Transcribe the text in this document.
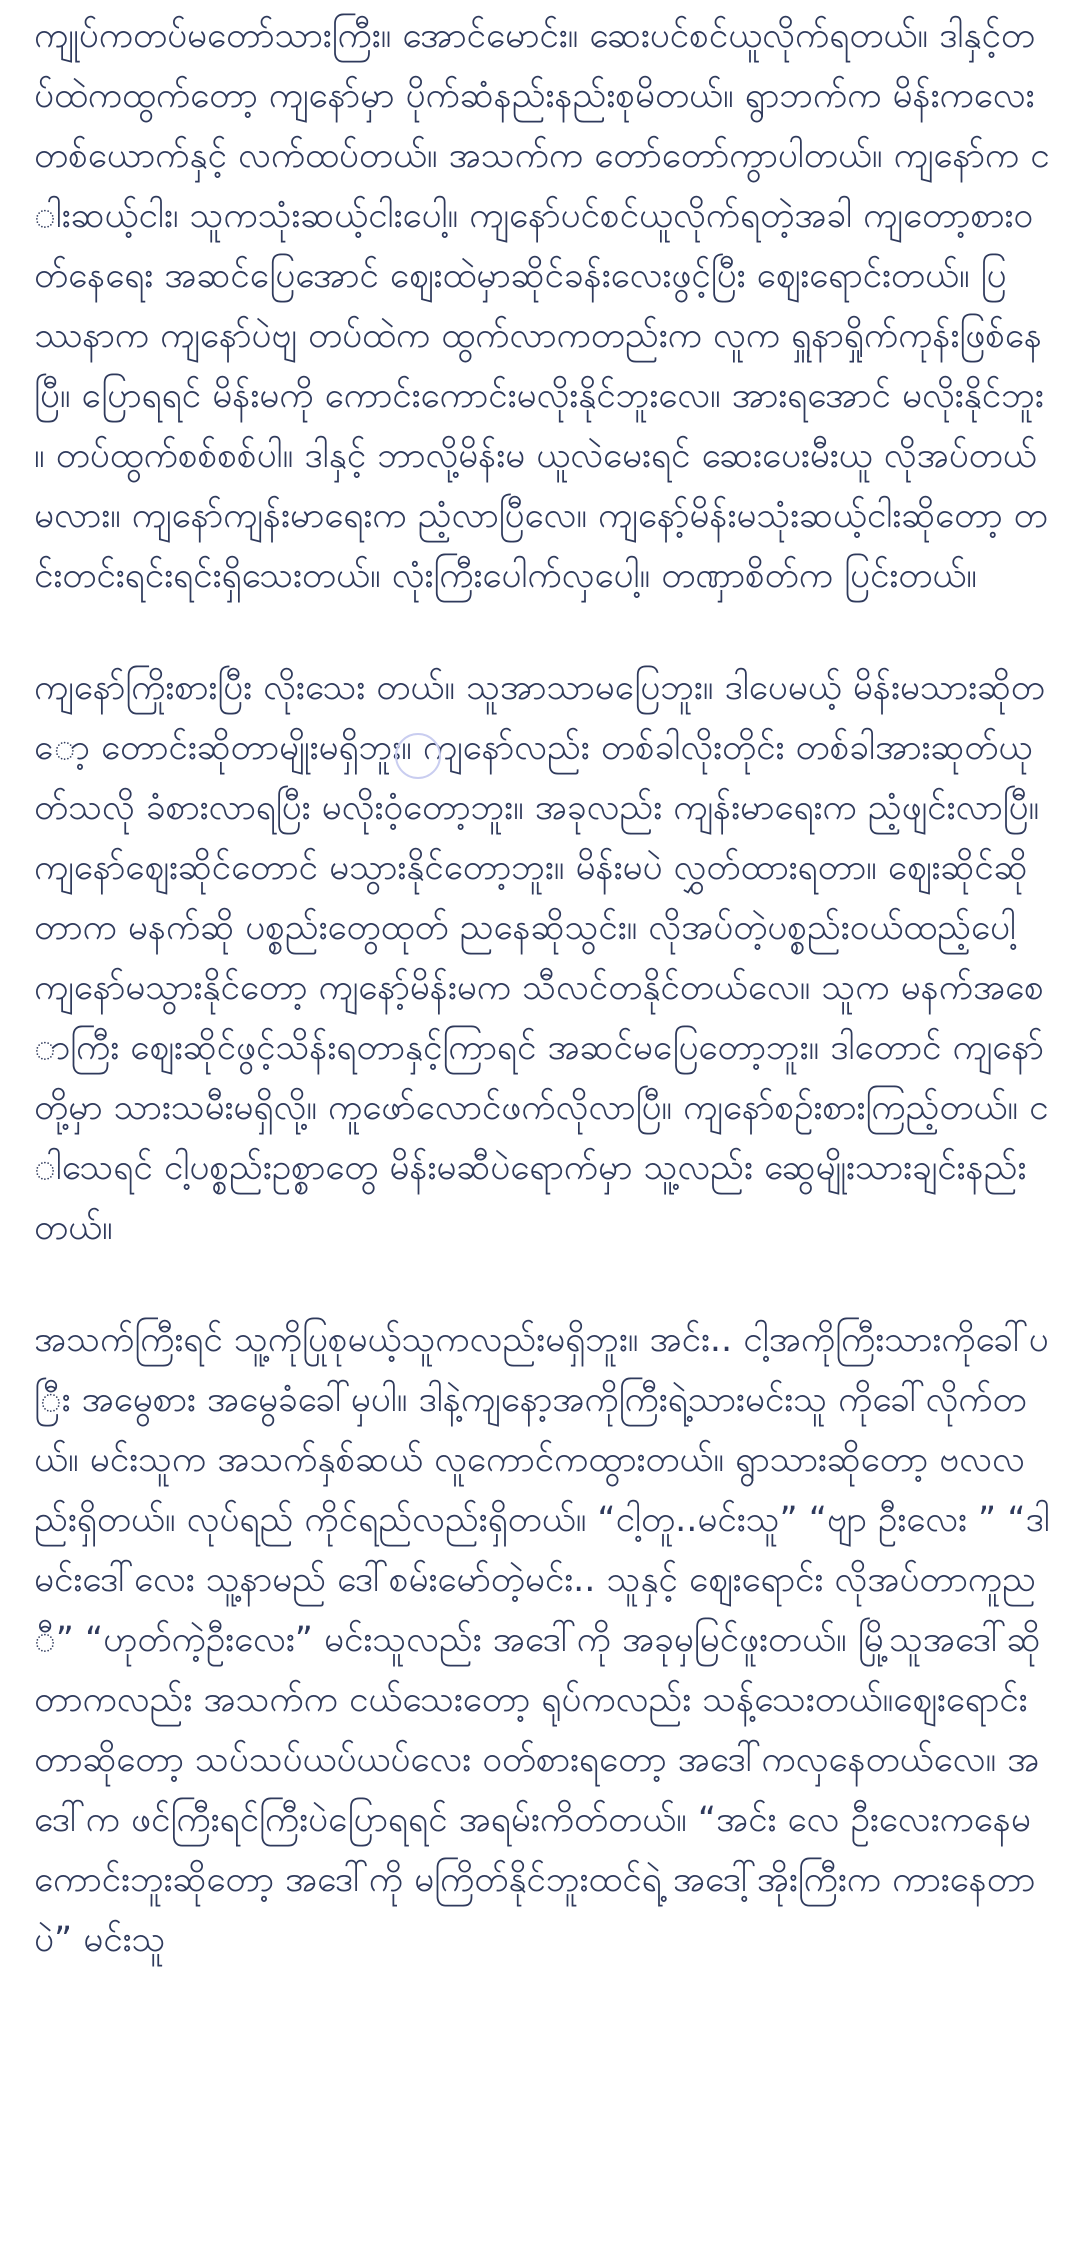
ကျုပ်ကတပ်မတော်သားကြီး။ အောင်မောင်း။ ဆေးပင်စင်ယူလိုက်ရတယ်။ ဒါနှင့်တပ်ထဲကထွက်တော့ ကျနော်မှာ ပိုက်ဆံနည်းနည်းစုမိတယ်။ ရွာဘက်က မိန်းကလေးတစ်ယောက်နှင့် လက်ထပ်တယ်။ အသက်က တော်တော်ကွာပါတယ်။ ကျနော်က ငါးဆယ့်ငါး၊ သူကသုံးဆယ့်ငါးပေါ့။ ကျနော်ပင်စင်ယူလိုက်ရတဲ့အခါ ကျတော့စားဝတ်နေရေး အဆင်ပြေအောင် ဈေးထဲမှာဆိုင်ခန်းလေးဖွင့်ပြီး ဈေးရောင်းတယ်။ ပြဿနာက ကျနော်ပဲဗျ တပ်ထဲက ထွက်လာကတည်းက လူက ရှူနာရှိုက်ကုန်းဖြစ်နေပြီ။ ပြောရရင် မိန်းမကို ကောင်းကောင်းမလိုးနိုင်ဘူးလေ။ အားရအောင် မလိုးနိုင်ဘူး။ တပ်ထွက်စစ်စစ်ပါ။ ဒါနှင့် ဘာလို့မိန်းမ ယူလဲမေးရင် ဆေးပေးမီးယူ လိုအပ်တယ်မလား။ ကျနော်ကျန်းမာရေးက ညံ့လာပြီလေ။ ကျနော့်မိန်းမသုံးဆယ့်ငါးဆိုတော့ တင်းတင်းရင်းရင်းရှိသေးတယ်။ လုံးကြီးပေါက်လှပေါ့။ တဏှာစိတ်က ပြင်းတယ်။

ကျနော်ကြိုးစားပြီး လိုးသေး တယ်။ သူအာသာမပြေဘူး။ ဒါပေမယ့် မိန်းမသားဆိုတော့ တောင်းဆိုတာမျိုးမရှိဘူး။ ကျနော်လည်း တစ်ခါလိုးတိုင်း တစ်ခါအားဆုတ်ယုတ်သလို ခံစားလာရပြီး မလိုးဝံ့တော့ဘူး။ အခုလည်း ကျန်းမာရေးက ညံ့ဖျင်းလာပြီ။ ကျနော်ဈေးဆိုင်တောင် မသွားနိုင်တော့ဘူး။ မိန်းမပဲ လွှတ်ထားရတာ။ ဈေးဆိုင်ဆိုတာက မနက်ဆို ပစ္စည်းတွေထုတ် ညနေဆိုသွင်း။ လိုအပ်တဲ့ပစ္စည်းဝယ်ထည့်ပေါ့ ကျနော်မသွားနိုင်တော့ ကျနော့်မိန်းမက သီလင်တနိုင်တယ်လေ။ သူက မနက်အစောကြီး ဈေးဆိုင်ဖွင့်သိန်းရတာနှင့်ကြာရင် အဆင်မပြေတော့ဘူး။ ဒါတောင် ကျနော်တို့မှာ သားသမီးမရှိလို့။ ကူဖော်လောင်ဖက်လိုလာပြီ။ ကျနော်စဉ်းစားကြည့်တယ်။ ငါသေရင် ငါ့ပစ္စည်းဥစ္စာတွေ မိန်းမဆီပဲရောက်မှာ သူ့လည်း ဆွေမျိုးသားချင်းနည်းတယ်။

အသက်ကြီးရင် သူ့ကိုပြုစုမယ့်သူကလည်းမရှိဘူး။ အင်း.. ငါ့အကိုကြီးသားကိုခေါ်ပြီး အမွေစား အမွေခံခေါ်မှပါ။ ဒါနဲ့ကျနော့အကိုကြီးရဲ့သားမင်းသူ ကိုခေါ်လိုက်တယ်။ မင်းသူက အသက်နှစ်ဆယ် လူကောင်ကထွားတယ်။ ရွာသားဆိုတော့ ဗလလည်းရှိတယ်။ လုပ်ရည် ကိုင်ရည်လည်းရှိတယ်။ “ငါ့တူ..မင်းသူ” “ဗျာ ဦးလေး ” “ဒါမင်းဒေါ်လေး သူ့နာမည် ဒေါ်စမ်းမော်တဲ့မင်း.. သူနှင့် ဈေးရောင်း လိုအပ်တာကူညီ” “ဟုတ်ကဲ့ဦးလေး” မင်းသူလည်း အဒေါ်ကို အခုမှမြင်ဖူးတယ်။ မြို့သူအဒေါ်ဆိုတာကလည်း အသက်က ငယ်သေးတော့ ရုပ်ကလည်း သန့်သေးတယ်။ဈေးရောင်းတာဆိုတော့ သပ်သပ်ယပ်ယပ်လေး ဝတ်စားရတော့ အဒေါ်ကလှနေတယ်လေ။ အဒေါ်က ဖင်ကြီးရင်ကြီးပဲပြောရရင် အရမ်းကိတ်တယ်။ “အင်း လေ ဦးလေးကနေမကောင်းဘူးဆိုတော့ အဒေါ်ကို မကြိတ်နိုင်ဘူးထင်ရဲ့ အဒေါ့်အိုးကြီးက ကားနေတာပဲ” မင်းသူ
